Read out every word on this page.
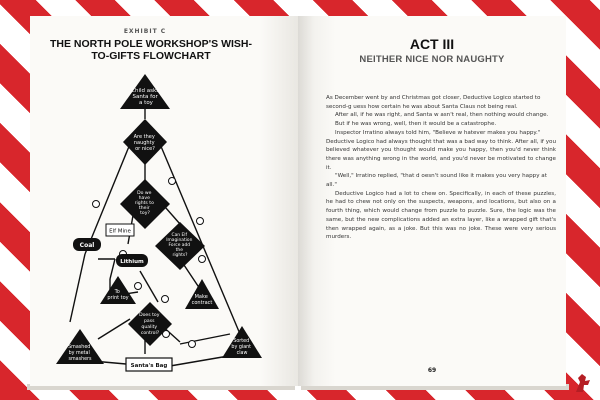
EXHIBIT C
THE NORTH POLE WORKSHOP'S WISH-TO-GIFTS FLOWCHART
Child asks Santa for a toy
Are they naughty or nice?
Do we have rights to their toy?
Elf Mine
Coal
Lithium
Can Elf Imagination Force add the rights?
To print toy	Make contract
Does toy pass quality control?
Smashed by metal smashers
Sorted by giant claw
Santa's Bag
ACT III
NEITHER NICE NOR NAUGHTY

As December went by and Christmas got closer, Deductive Logico started to second-g uess how certain he was about Santa Claus not being real.

After all, if he was right, and Santa w asn't real, then nothing would change.

But if he was wrong, well, then it would be a catastrophe.

Inspector Irratino always told him, "Believe w hatever makes you happy."

Deductive Logico had always thought that was a bad way to think. After all, if you believed whatever you thought would make you happy, then you'd never think there was anything wrong in the world, and you'd never be motivated to change it.

"Well," Irratino replied, "that d oesn't sound like it makes you very happy at all."

Deductive Logico had a lot to chew on. Specifically, in each of these puzzles, he had to chew not only on the suspects, weapons, and locations, but also on a fourth thing, which would change from puzzle to puzzle. Sure, the logic was the same, but the new complications added an extra layer, like a wrapped gift that's then wrapped again, as a joke. But this was no joke. These were very serious murders.

69
